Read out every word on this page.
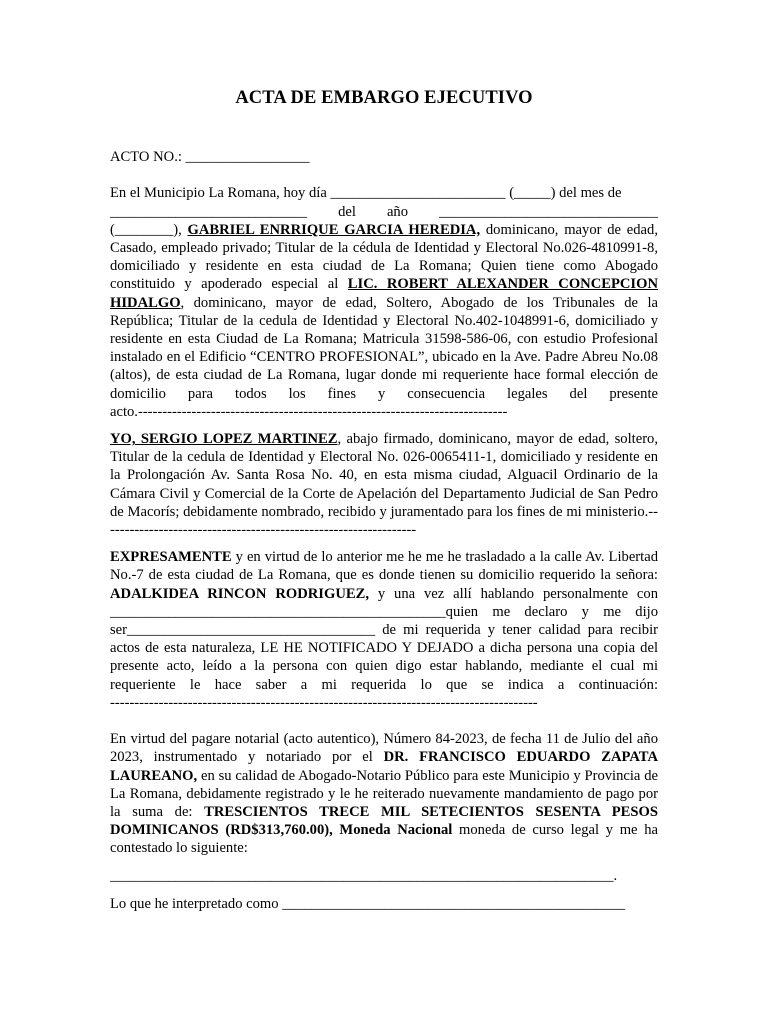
ACTA DE EMBARGO EJECUTIVO

ACTO NO.: _________________

En el Municipio La Romana, hoy día ________________________ (_____) del mes de

___________________________ del año ______________________________

(________), GABRIEL ENRRIQUE GARCIA HEREDIA, dominicano, mayor de edad, Casado, empleado privado; Titular de la cédula de Identidad y Electoral No.026-4810991-8, domiciliado y residente en esta ciudad de La Romana; Quien tiene como Abogado constituido y apoderado especial al LIC. ROBERT ALEXANDER CONCEPCION HIDALGO, dominicano, mayor de edad, Soltero, Abogado de los Tribunales de la República; Titular de la cedula de Identidad y Electoral No.402-1048991-6, domiciliado y residente en esta Ciudad de La Romana; Matricula 31598-586-06, con estudio Profesional instalado en el Edificio “CENTRO PROFESIONAL”, ubicado en la Ave. Padre Abreu No.08 (altos), de esta ciudad de La Romana, lugar donde mi requeriente hace formal elección de domicilio para todos los fines y consecuencia legales del presente

acto.----------------------------------------------------------------------------

YO, SERGIO LOPEZ MARTINEZ, abajo firmado, dominicano, mayor de edad, soltero, Titular de la cedula de Identidad y Electoral No. 026-0065411-1, domiciliado y residente en la Prolongación Av. Santa Rosa No. 40, en esta misma ciudad, Alguacil Ordinario de la Cámara Civil y Comercial de la Corte de Apelación del Departamento Judicial de San Pedro de Macorís; debidamente nombrado, recibido y juramentado para los fines de mi ministerio.-----------------------------------------------------------------

EXPRESAMENTE y en virtud de lo anterior me he me he trasladado a la calle Av. Libertad No.-7 de esta ciudad de La Romana, que es donde tienen su domicilio requerido la señora: ADALKIDEA RINCON RODRIGUEZ, y una vez allí hablando personalmente con ______________________________________________quien me declaro y me dijo ser__________________________________ de mi requerida y tener calidad para recibir actos de esta naturaleza, LE HE NOTIFICADO Y DEJADO a dicha persona una copia del presente acto, leído a la persona con quien digo estar hablando, mediante el cual mi requeriente le hace saber a mi requerida lo que se indica a continuación:

----------------------------------------------------------------------------------------

En virtud del pagare notarial (acto autentico), Número 84-2023, de fecha 11 de Julio del año 2023, instrumentado y notariado por el DR. FRANCISCO EDUARDO ZAPATA LAUREANO, en su calidad de Abogado-Notario Público para este Municipio y Provincia de La Romana, debidamente registrado y le he reiterado nuevamente mandamiento de pago por la suma de: TRESCIENTOS TRECE MIL SETECIENTOS SESENTA PESOS DOMINICANOS (RD$313,760.00), Moneda Nacional moneda de curso legal y me ha contestado lo siguiente:

_____________________________________________________________________.

Lo que he interpretado como _______________________________________________
